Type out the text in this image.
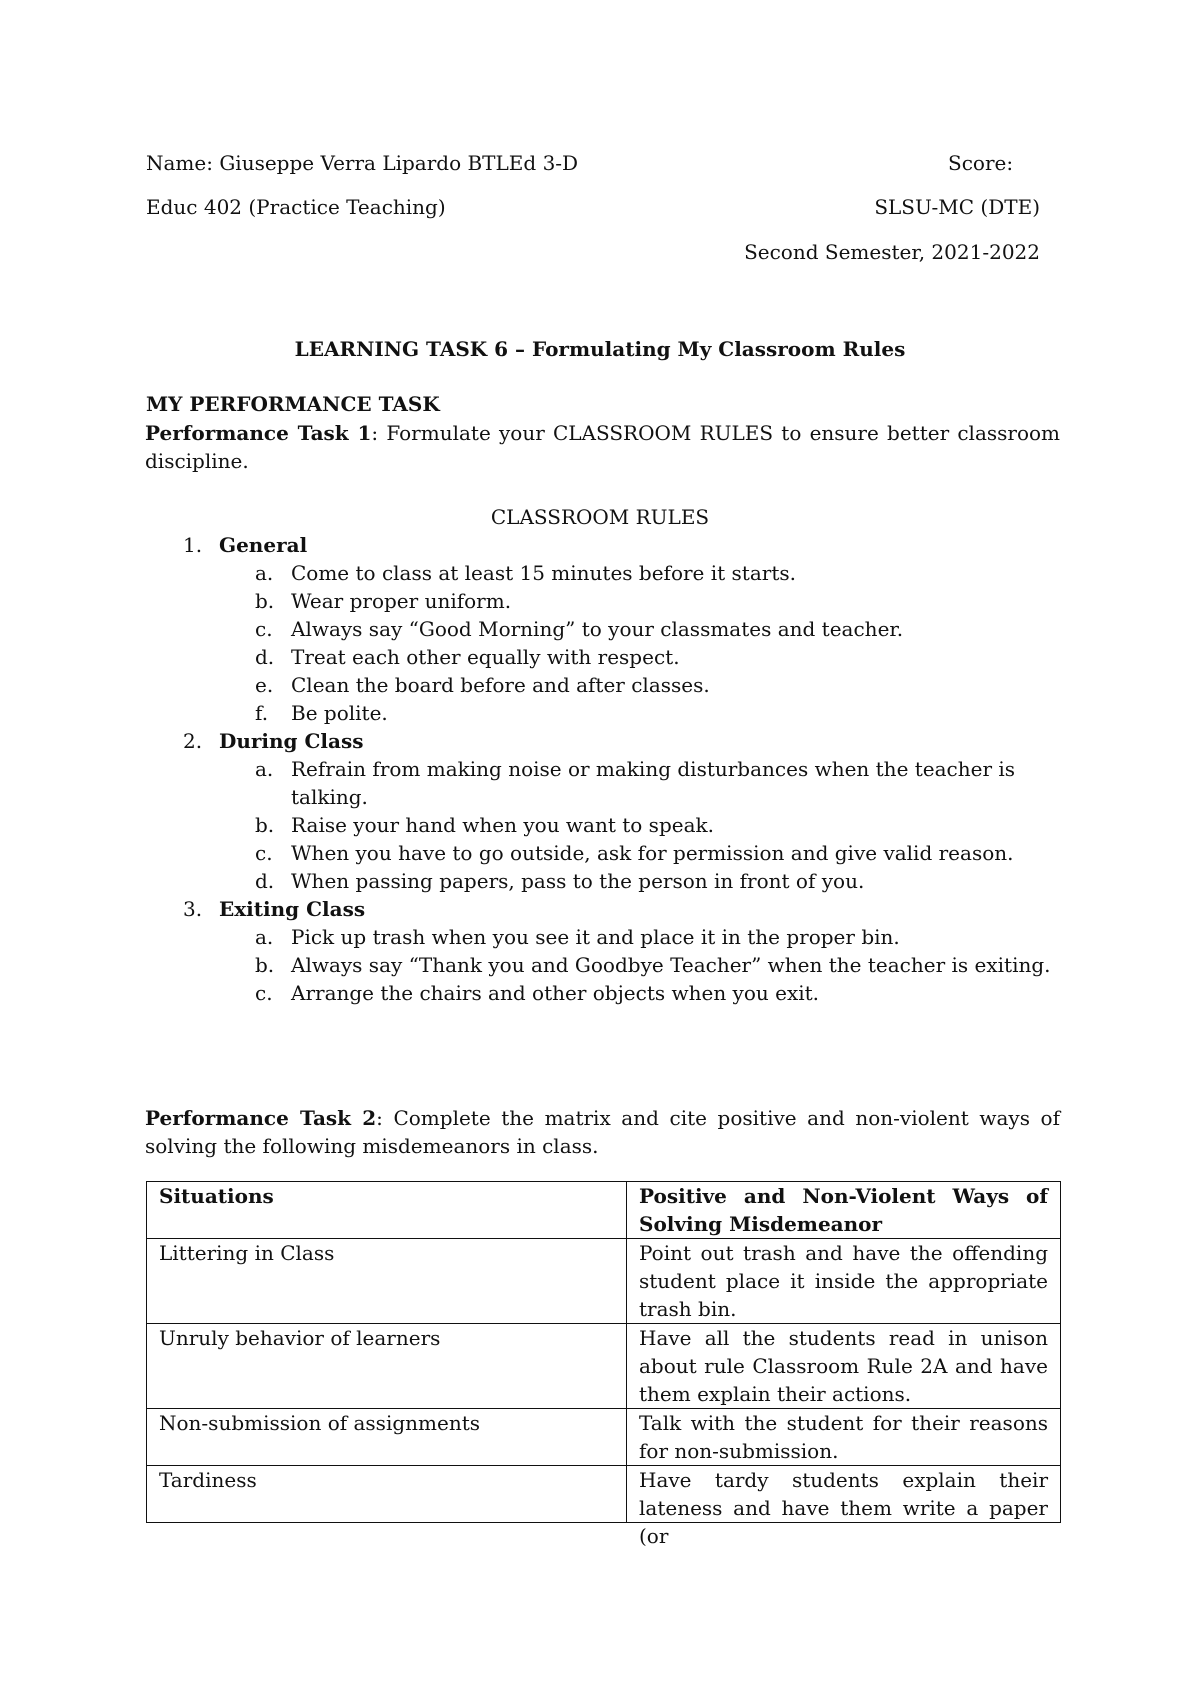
Name: Giuseppe Verra Lipardo BTLEd 3-D	Score:
Educ 402 (Practice Teaching)	SLSU-MC (DTE)
Second Semester, 2021-2022
LEARNING TASK 6 – Formulating My Classroom Rules
MY PERFORMANCE TASK
Performance Task 1: Formulate your CLASSROOM RULES to ensure better classroom discipline.
CLASSROOM RULES
1. General
a. Come to class at least 15 minutes before it starts.
b. Wear proper uniform.
c. Always say “Good Morning” to your classmates and teacher.
d. Treat each other equally with respect.
e. Clean the board before and after classes.
f. Be polite.
2. During Class
a. Refrain from making noise or making disturbances when the teacher is talking.
b. Raise your hand when you want to speak.
c. When you have to go outside, ask for permission and give valid reason.
d. When passing papers, pass to the person in front of you.
3. Exiting Class
a. Pick up trash when you see it and place it in the proper bin.
b. Always say “Thank you and Goodbye Teacher” when the teacher is exiting.
c. Arrange the chairs and other objects when you exit.
Performance Task 2: Complete the matrix and cite positive and non-violent ways of solving the following misdemeanors in class.
Situations	Positive and Non-Violent Ways of Solving Misdemeanor
Littering in Class	Point out trash and have the offending student place it inside the appropriate trash bin.
Unruly behavior of learners	Have all the students read in unison about rule Classroom Rule 2A and have them explain their actions.
Non-submission of assignments	Talk with the student for their reasons for non-submission.
Tardiness	Have tardy students explain their lateness and have them write a paper (or
